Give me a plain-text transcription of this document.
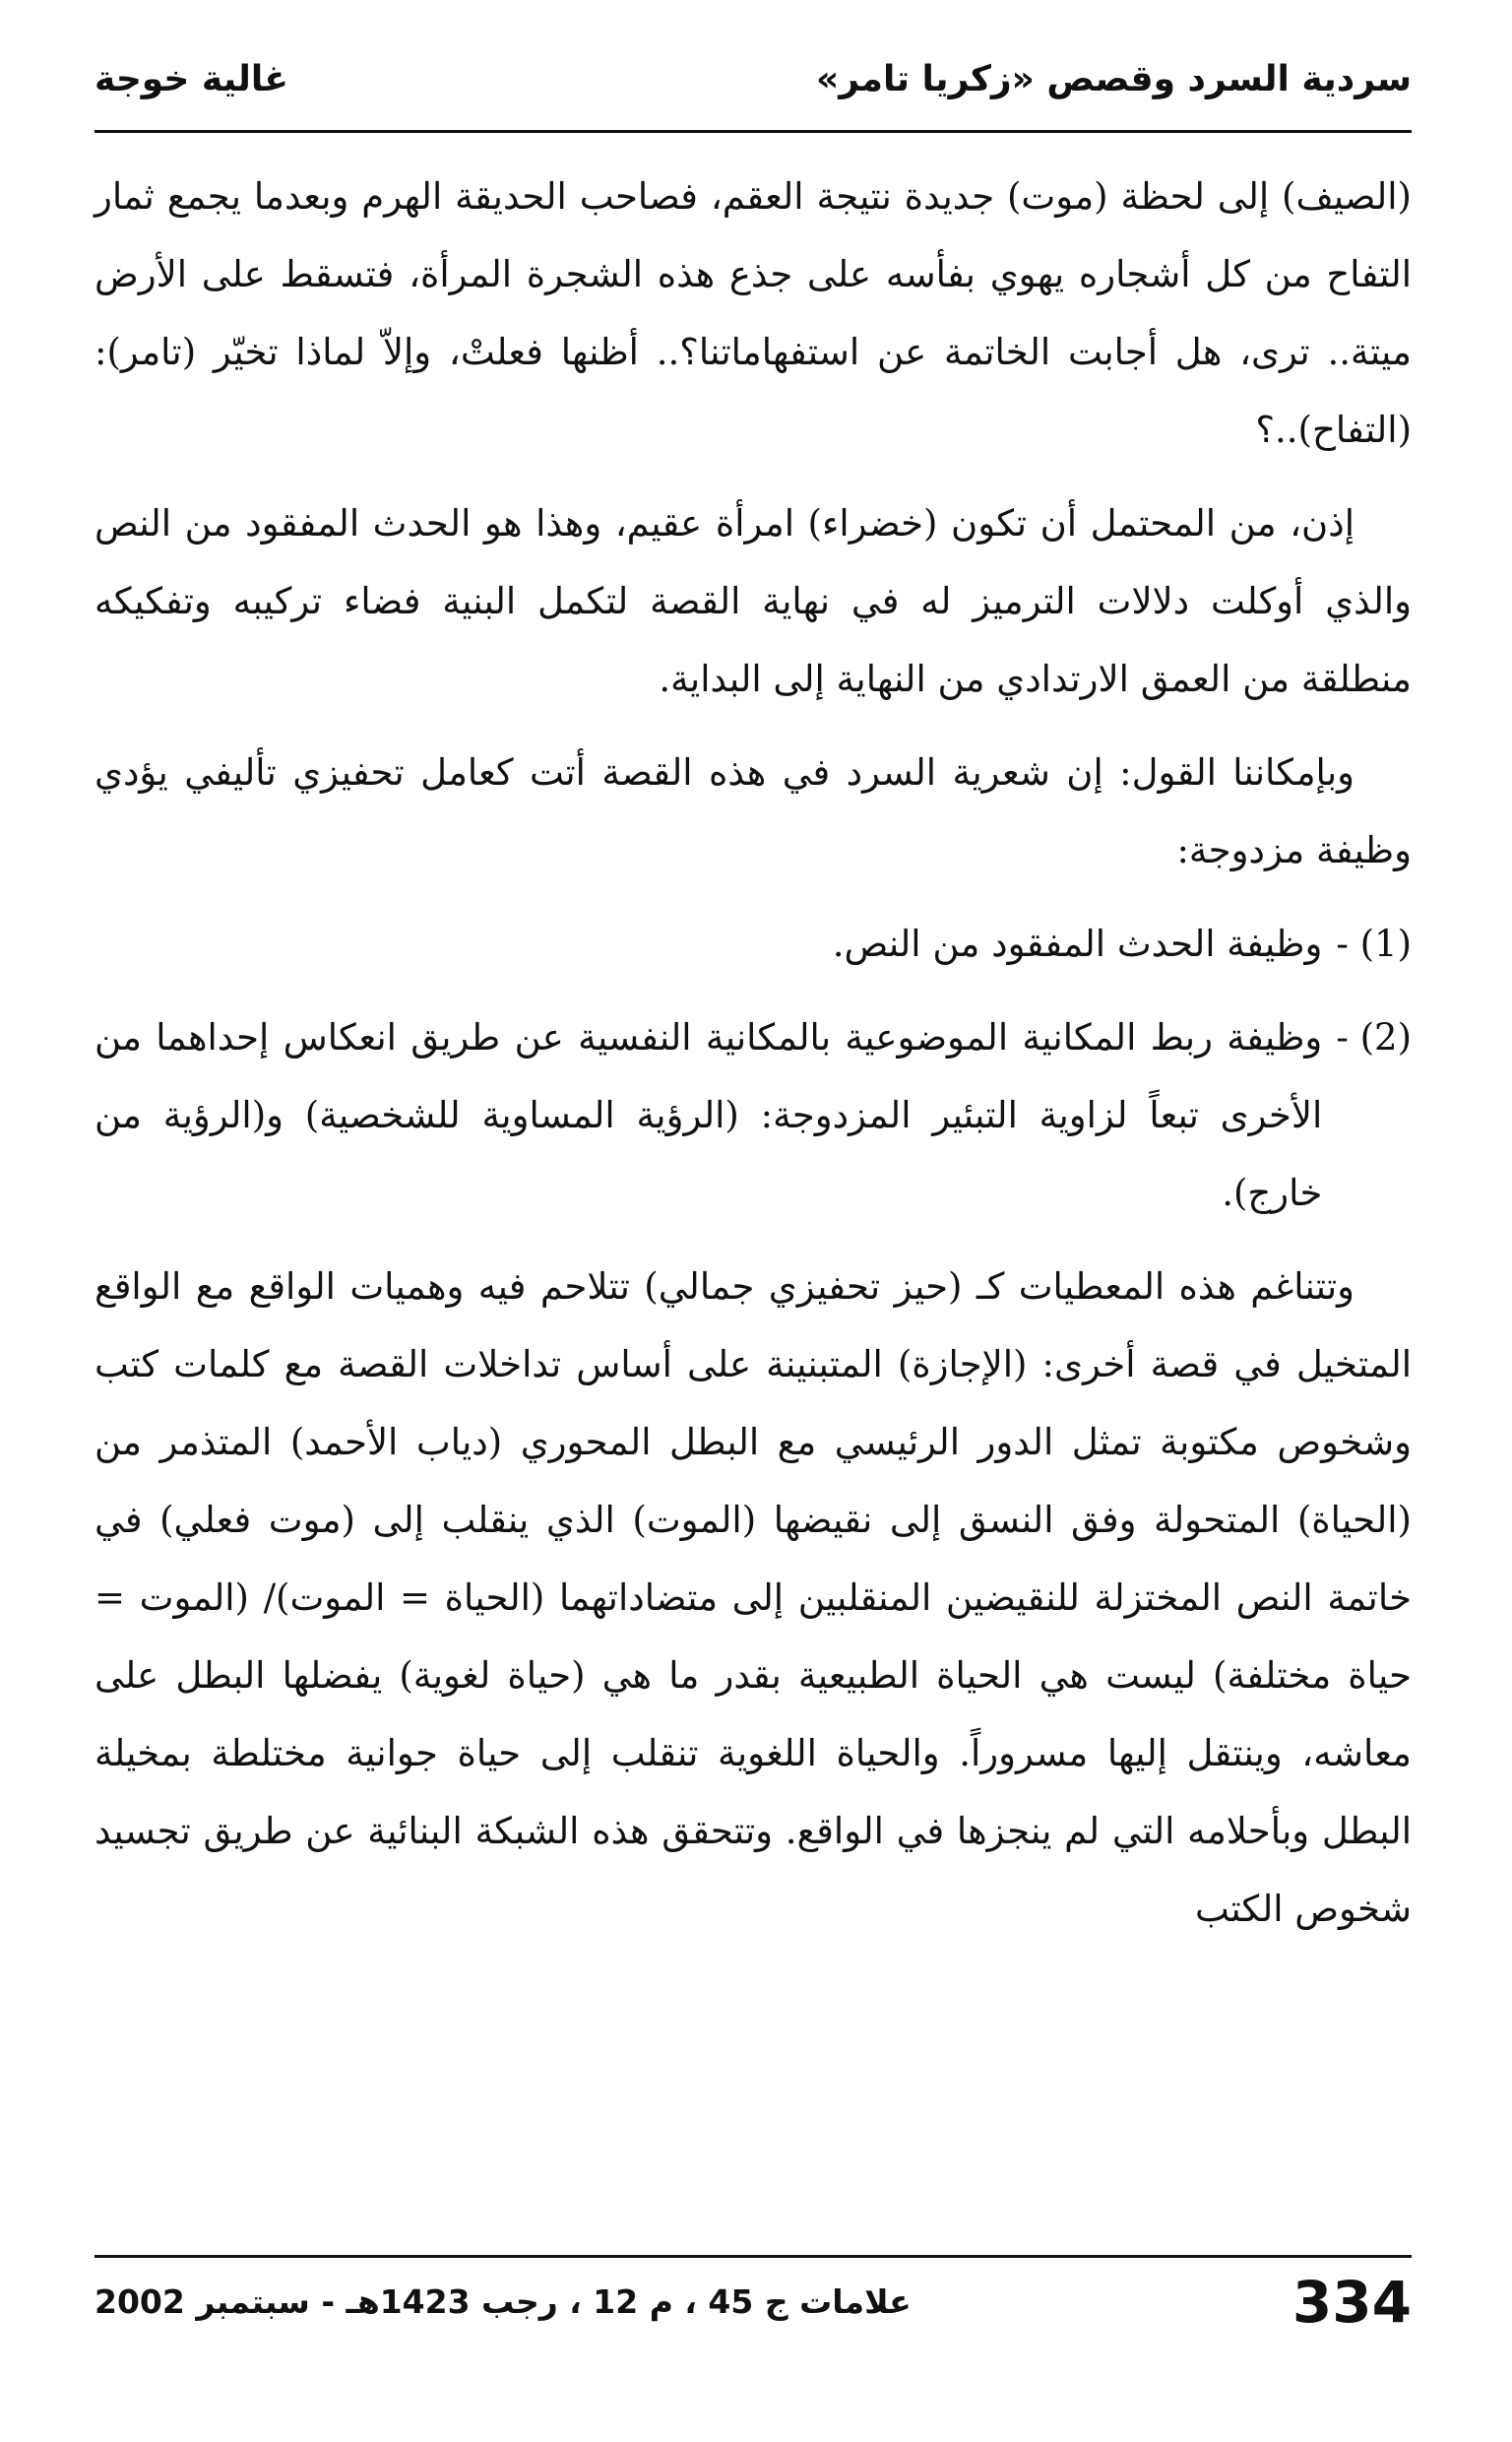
سردية السرد وقصص «زكريا تامر»
غالية خوجة

(الصيف) إلى لحظة (موت) جديدة نتيجة العقم، فصاحب الحديقة الهرم وبعدما يجمع ثمار التفاح من كل أشجاره يهوي بفأسه على جذع هذه الشجرة المرأة، فتسقط على الأرض ميتة.. ترى، هل أجابت الخاتمة عن استفهاماتنا؟.. أظنها فعلتْ، وإلاّ لماذا تخيّر (تامر): (التفاح)..؟

إذن، من المحتمل أن تكون (خضراء) امرأة عقيم، وهذا هو الحدث المفقود من النص والذي أوكلت دلالات الترميز له في نهاية القصة لتكمل البنية فضاء تركيبه وتفكيكه منطلقة من العمق الارتدادي من النهاية إلى البداية.

وبإمكاننا القول: إن شعرية السرد في هذه القصة أتت كعامل تحفيزي تأليفي يؤدي وظيفة مزدوجة:

(1) -
وظيفة الحدث المفقود من النص.
(2) -
وظيفة ربط المكانية الموضوعية بالمكانية النفسية عن طريق انعكاس إحداهما من الأخرى تبعاً لزاوية التبئير المزدوجة: (الرؤية المساوية للشخصية) و(الرؤية من خارج).

وتتناغم هذه المعطيات كـ (حيز تحفيزي جمالي) تتلاحم فيه وهميات الواقع مع الواقع المتخيل في قصة أخرى: (الإجازة) المتبنينة على أساس تداخلات القصة مع كلمات كتب وشخوص مكتوبة تمثل الدور الرئيسي مع البطل المحوري (دياب الأحمد) المتذمر من (الحياة) المتحولة وفق النسق إلى نقيضها (الموت) الذي ينقلب إلى (موت فعلي) في خاتمة النص المختزلة للنقيضين المنقلبين إلى متضاداتهما (الحياة = الموت)/ (الموت = حياة مختلفة) ليست هي الحياة الطبيعية بقدر ما هي (حياة لغوية) يفضلها البطل على معاشه، وينتقل إليها مسروراً. والحياة اللغوية تنقلب إلى حياة جوانية مختلطة بمخيلة البطل وبأحلامه التي لم ينجزها في الواقع. وتتحقق هذه الشبكة البنائية عن طريق تجسيد شخوص الكتب

334
علامات ج 45 ، م 12 ، رجب 1423هـ - سبتمبر 2002
